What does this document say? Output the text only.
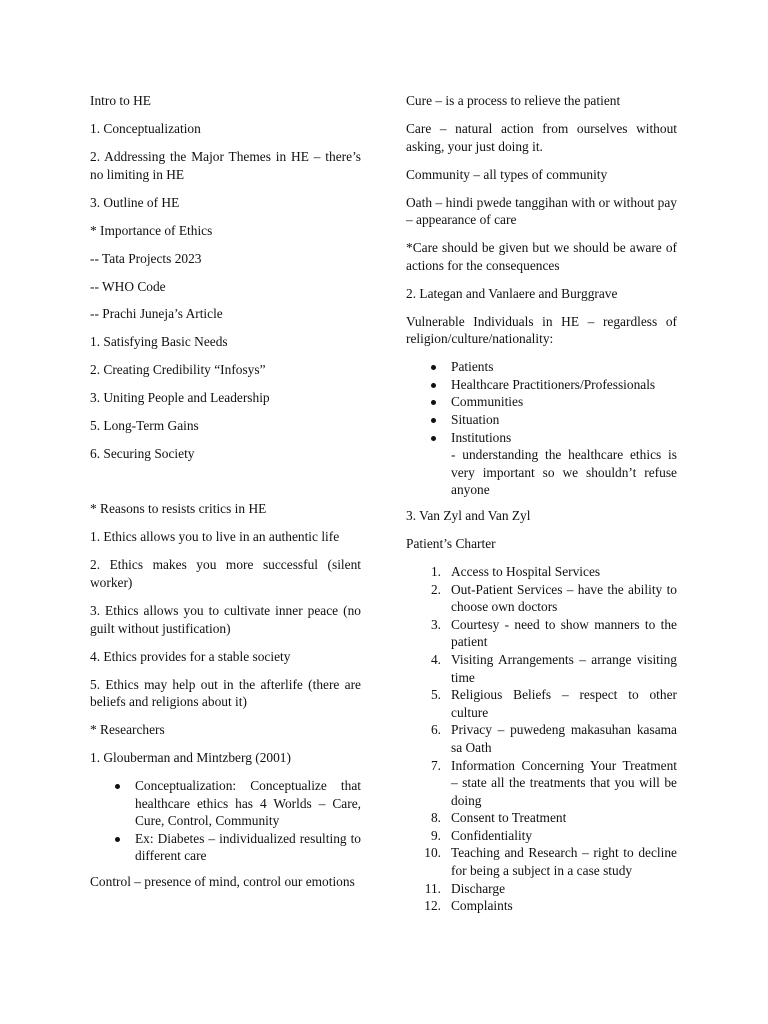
Intro to HE

1. Conceptualization

2. Addressing the Major Themes in HE – there’s no limiting in HE

3. Outline of HE

* Importance of Ethics

-- Tata Projects 2023

-- WHO Code

-- Prachi Juneja’s Article

1. Satisfying Basic Needs

2. Creating Credibility “Infosys”

3. Uniting People and Leadership

5. Long-Term Gains

6. Securing Society

* Reasons to resists critics in HE

1. Ethics allows you to live in an authentic life

2. Ethics makes you more successful (silent worker)

3. Ethics allows you to cultivate inner peace (no guilt without justification)

4. Ethics provides for a stable society

5. Ethics may help out in the afterlife (there are beliefs and religions about it)

* Researchers

1. Glouberman and Mintzberg (2001)

Conceptualization: Conceptualize that healthcare ethics has 4 Worlds – Care, Cure, Control, Community
Ex: Diabetes – individualized resulting to different care

Control – presence of mind, control our emotions

Cure – is a process to relieve the patient

Care – natural action from ourselves without asking, your just doing it.

Community – all types of community

Oath – hindi pwede tanggihan with or without pay – appearance of care

*Care should be given but we should be aware of actions for the consequences

2. Lategan and Vanlaere and Burggrave

Vulnerable Individuals in HE – regardless of religion/culture/nationality:

Patients
Healthcare Practitioners/Professionals
Communities
Situation
Institutions
- understanding the healthcare ethics is very important so we shouldn’t refuse anyone

3. Van Zyl and Van Zyl

Patient’s Charter

1. Access to Hospital Services
2. Out-Patient Services – have the ability to choose own doctors
3. Courtesy - need to show manners to the patient
4. Visiting Arrangements – arrange visiting time
5. Religious Beliefs – respect to other culture
6. Privacy – puwedeng makasuhan kasama sa Oath
7. Information Concerning Your Treatment – state all the treatments that you will be doing
8. Consent to Treatment
9. Confidentiality
10. Teaching and Research – right to decline for being a subject in a case study
11. Discharge
12. Complaints
